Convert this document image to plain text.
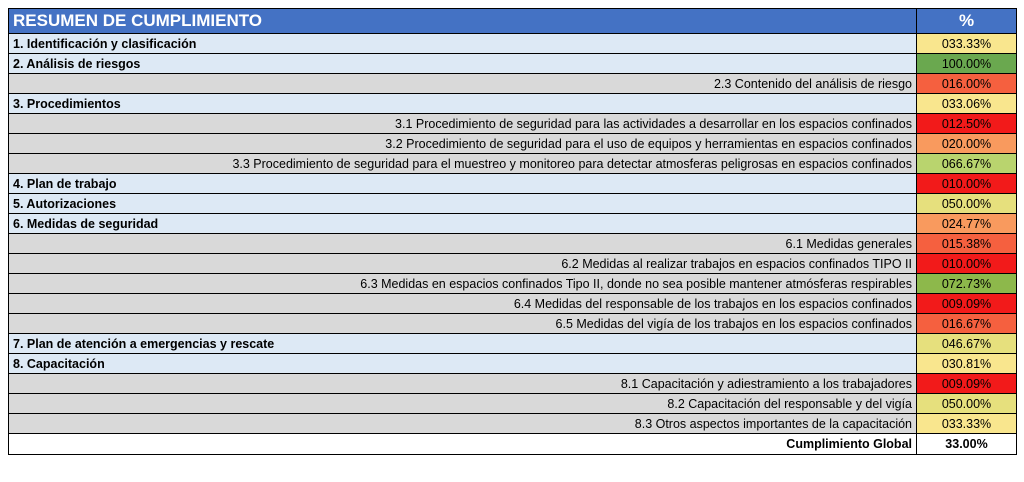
RESUMEN DE CUMPLIMIENTO	%
1. Identificación y clasificación	033.33%
2. Análisis de riesgos	100.00%
2.3 Contenido del análisis de riesgo	016.00%
3. Procedimientos	033.06%
3.1 Procedimiento de seguridad para las actividades a desarrollar en los espacios confinados	012.50%
3.2 Procedimiento de seguridad para el uso de equipos y herramientas en espacios confinados	020.00%
3.3 Procedimiento de seguridad para el muestreo y monitoreo para detectar atmosferas peligrosas en espacios confinados	066.67%
4. Plan de trabajo	010.00%
5. Autorizaciones	050.00%
6. Medidas de seguridad	024.77%
6.1 Medidas generales	015.38%
6.2 Medidas al realizar trabajos en espacios confinados TIPO II	010.00%
6.3 Medidas en espacios confinados Tipo II, donde no sea posible mantener atmósferas respirables	072.73%
6.4 Medidas del responsable de los trabajos en los espacios confinados	009.09%
6.5 Medidas del vigía de los trabajos en los espacios confinados	016.67%
7. Plan de atención a emergencias y rescate	046.67%
8. Capacitación	030.81%
8.1 Capacitación y adiestramiento a los trabajadores	009.09%
8.2 Capacitación del responsable y del vigía	050.00%
8.3 Otros aspectos importantes de la capacitación	033.33%
Cumplimiento Global	33.00%
